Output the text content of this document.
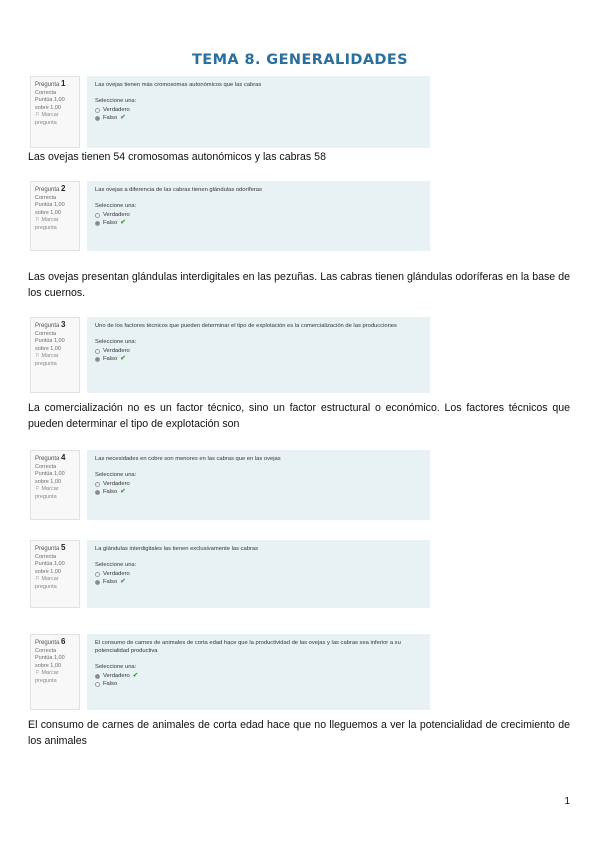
TEMA 8. GENERALIDADES
Pregunta 1
Correcta
Puntúa 1,00 sobre 1,00
⚐ Marcar pregunta
Las ovejas tienen más cromosomas autonómicos que las cabras
Seleccione una:
Verdadero
Falso ✔

Las ovejas tienen 54 cromosomas autonómicos y las cabras 58

Pregunta 2
Correcta
Puntúa 1,00 sobre 1,00
⚐ Marcar pregunta
Las ovejas a diferencia de las cabras tienen glándulas odoríferas
Seleccione una:
Verdadero
Falso ✔

Las ovejas presentan glándulas interdigitales en las pezuñas. Las cabras tienen glándulas odoríferas en la base de los cuernos.

Pregunta 3
Correcta
Puntúa 1,00 sobre 1,00
⚐ Marcar pregunta
Uno de los factores técnicos que pueden determinar el tipo de explotación es la comercialización de las producciones
Seleccione una:
Verdadero
Falso ✔

La comercialización no es un factor técnico, sino un factor estructural o económico. Los factores técnicos que pueden determinar el tipo de explotación son

Pregunta 4
Correcta
Puntúa 1,00 sobre 1,00
⚐ Marcar pregunta
Las necesidades en cobre son menores en las cabras que en las ovejas
Seleccione una:
Verdadero
Falso ✔
Pregunta 5
Correcta
Puntúa 1,00 sobre 1,00
⚐ Marcar pregunta
La glándulas interdigitales las tienen exclusivamente las cabras
Seleccione una:
Verdadero
Falso ✔
Pregunta 6
Correcta
Puntúa 1,00 sobre 1,00
⚐ Marcar pregunta
El consumo de carnes de animales de corta edad hace que la productividad de las ovejas y las cabras sea inferior a su potencialidad productiva
Seleccione una:
Verdadero ✔
Falso

El consumo de carnes de animales de corta edad hace que no lleguemos a ver la potencialidad de crecimiento de los animales

1
